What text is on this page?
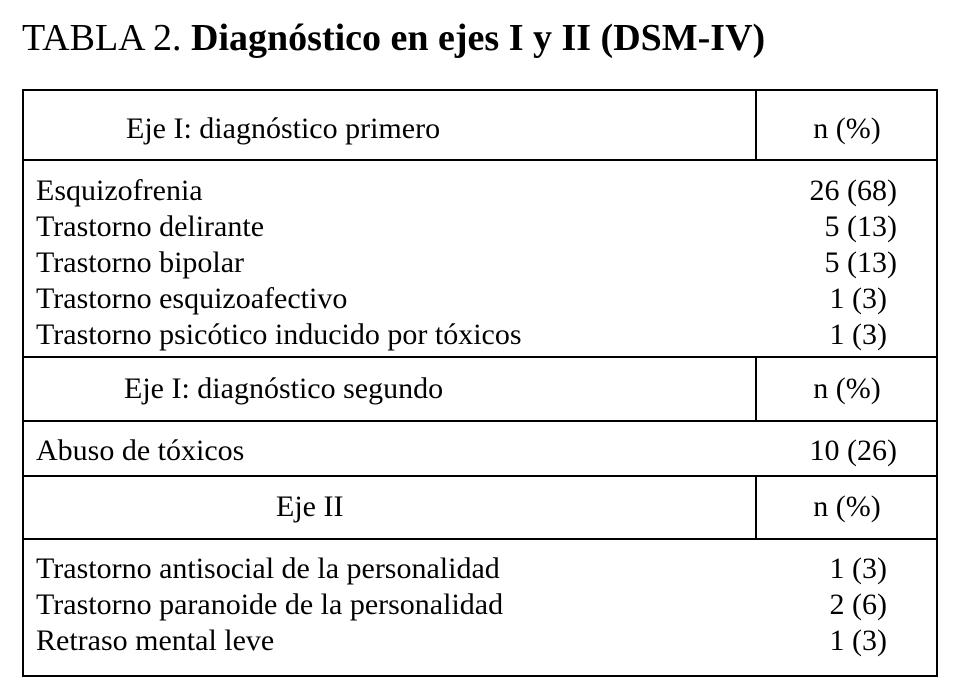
TABLA 2. Diagnóstico en ejes I y II (DSM-IV)
Eje I: diagnóstico primero	n (%)
Esquizofrenia	26 (68)
Trastorno delirante	5 (13)
Trastorno bipolar	5 (13)
Trastorno esquizoafectivo	1 (3)
Trastorno psicótico inducido por tóxicos	1 (3)
Eje I: diagnóstico segundo	n (%)
Abuso de tóxicos	10 (26)
Eje II	n (%)
Trastorno antisocial de la personalidad	1 (3)
Trastorno paranoide de la personalidad	2 (6)
Retraso mental leve	1 (3)
